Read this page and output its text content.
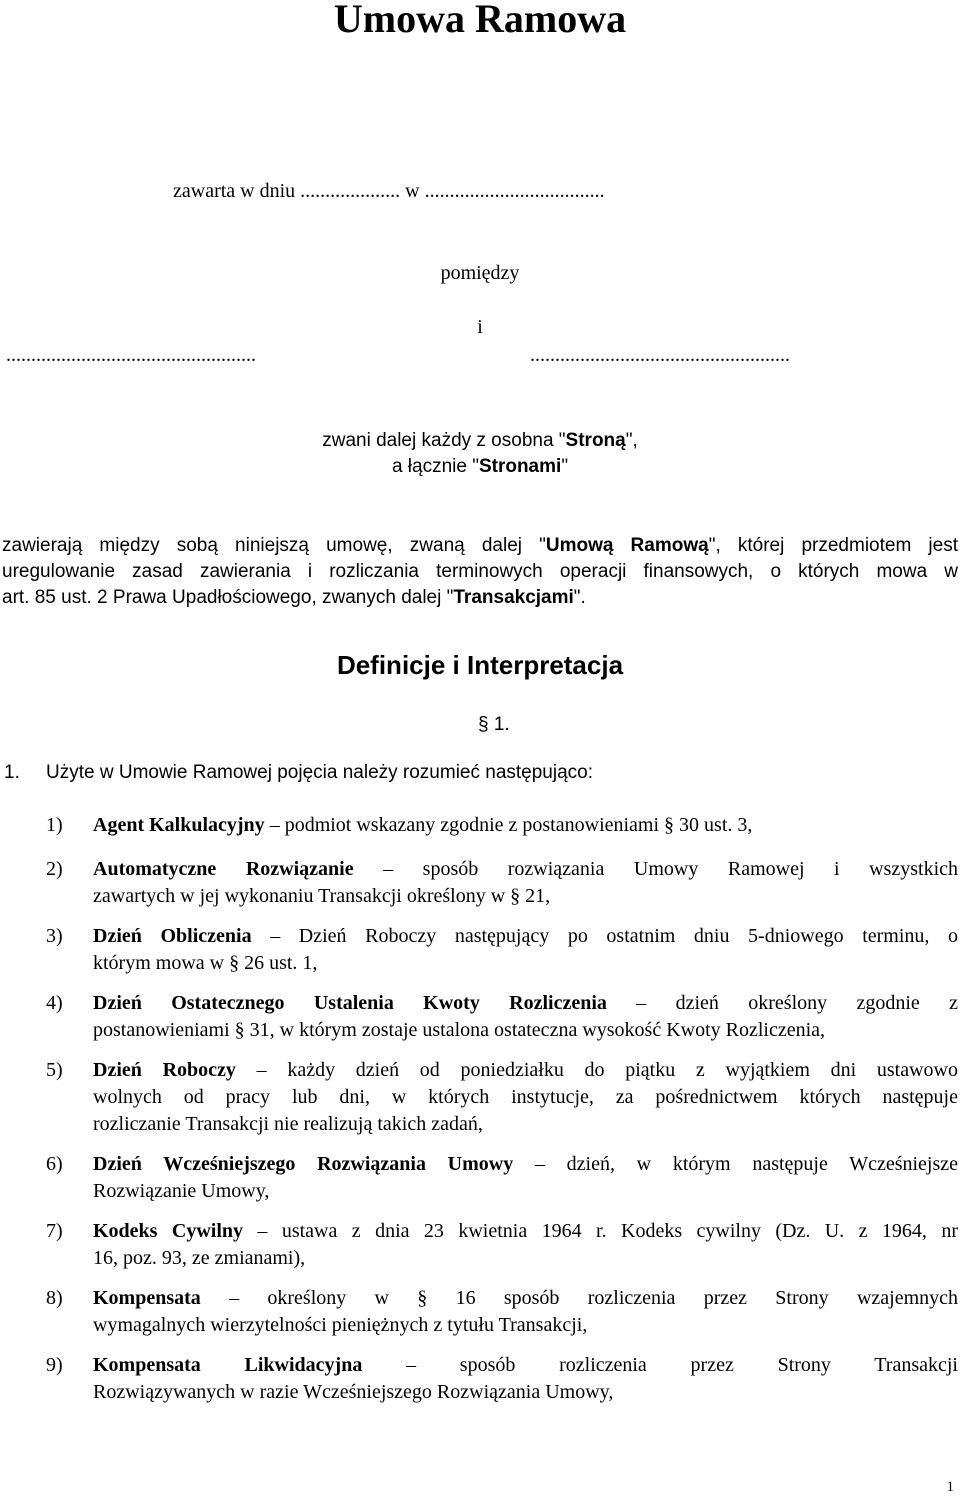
Umowa Ramowa
zawarta w dniu .................... w ....................................
pomiędzy
i
..................................................	....................................................
zwani dalej każdy z osobna "Stroną",
a łącznie "Stronami"
zawierają między sobą niniejszą umowę, zwaną dalej "Umową Ramową", której przedmiotem jest
uregulowanie zasad zawierania i rozliczania terminowych operacji finansowych, o których mowa w
art. 85 ust. 2 Prawa Upadłościowego, zwanych dalej "Transakcjami".
Definicje i Interpretacja
§ 1.
1. Użyte w Umowie Ramowej pojęcia należy rozumieć następująco:
1) Agent Kalkulacyjny – podmiot wskazany zgodnie z postanowieniami § 30 ust. 3,
2) Automatyczne Rozwiązanie – sposób rozwiązania Umowy Ramowej i wszystkich
zawartych w jej wykonaniu Transakcji określony w § 21,
3) Dzień Obliczenia – Dzień Roboczy następujący po ostatnim dniu 5-dniowego terminu, o
którym mowa w § 26 ust. 1,
4) Dzień Ostatecznego Ustalenia Kwoty Rozliczenia – dzień określony zgodnie z
postanowieniami § 31, w którym zostaje ustalona ostateczna wysokość Kwoty Rozliczenia,
5) Dzień Roboczy – każdy dzień od poniedziałku do piątku z wyjątkiem dni ustawowo
wolnych od pracy lub dni, w których instytucje, za pośrednictwem których następuje
rozliczanie Transakcji nie realizują takich zadań,
6) Dzień Wcześniejszego Rozwiązania Umowy – dzień, w którym następuje Wcześniejsze
Rozwiązanie Umowy,
7) Kodeks Cywilny – ustawa z dnia 23 kwietnia 1964 r. Kodeks cywilny (Dz. U. z 1964, nr
16, poz. 93, ze zmianami),
8) Kompensata – określony w § 16 sposób rozliczenia przez Strony wzajemnych
wymagalnych wierzytelności pieniężnych z tytułu Transakcji,
9) Kompensata Likwidacyjna – sposób rozliczenia przez Strony Transakcji
Rozwiązywanych w razie Wcześniejszego Rozwiązania Umowy,
1
